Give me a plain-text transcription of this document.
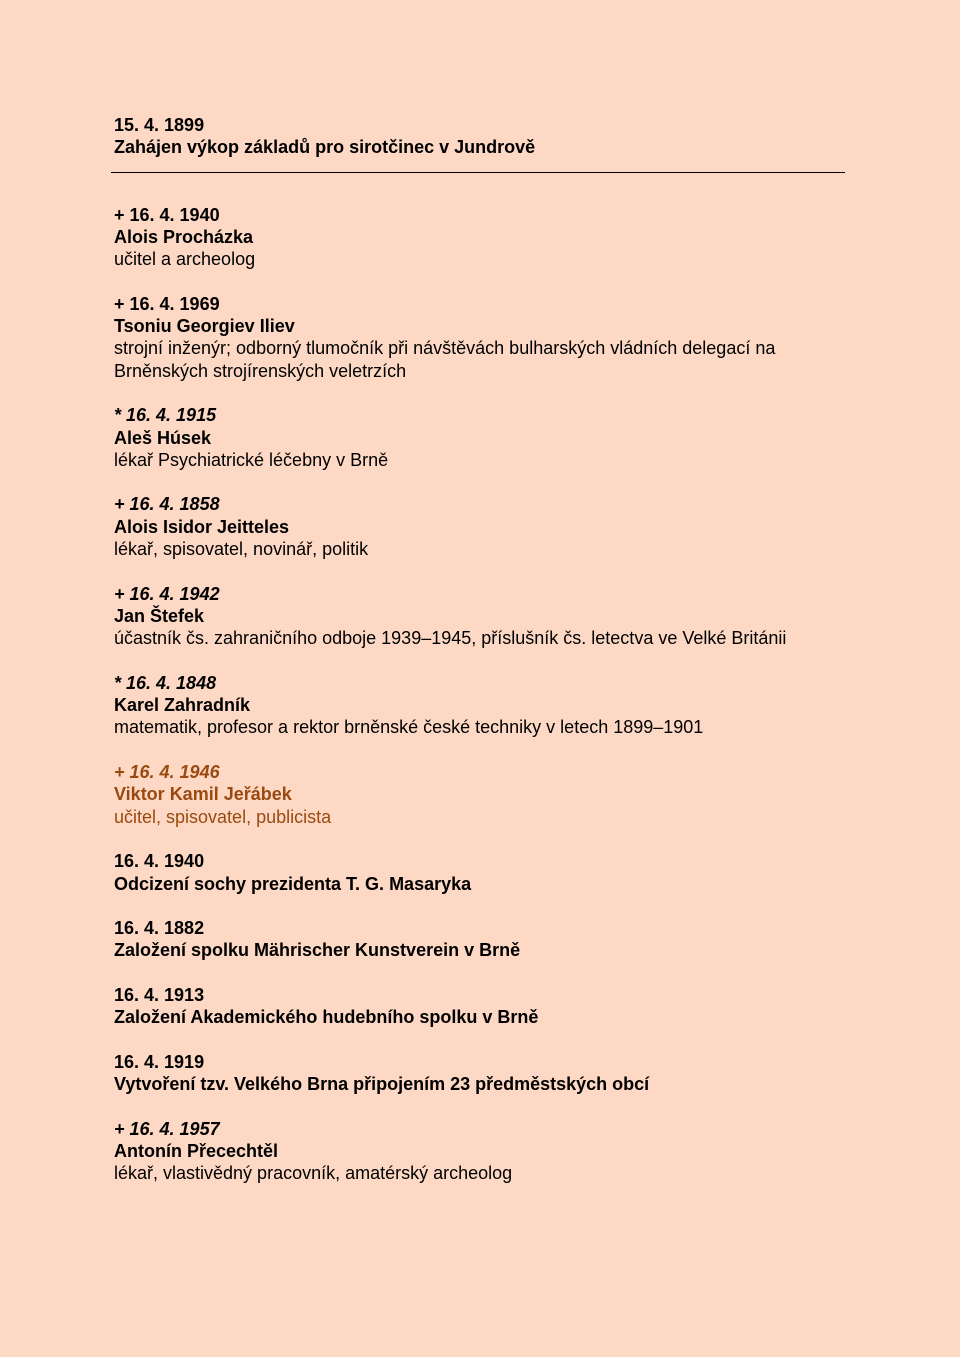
15. 4. 1899
Zahájen výkop základů pro sirotčinec v Jundrově
+ 16. 4. 1940
Alois Procházka
učitel a archeolog
+ 16. 4. 1969
Tsoniu Georgiev Iliev
strojní inženýr; odborný tlumočník při návštěvách bulharských vládních delegací na Brněnských strojírenských veletrzích
* 16. 4. 1915
Aleš Húsek
lékař Psychiatrické léčebny v Brně
+ 16. 4. 1858
Alois Isidor Jeitteles
lékař, spisovatel, novinář, politik
+ 16. 4. 1942
Jan Štefek
účastník čs. zahraničního odboje 1939–1945, příslušník čs. letectva ve Velké Británii
* 16. 4. 1848
Karel Zahradník
matematik, profesor a rektor brněnské české techniky v letech 1899–1901
+ 16. 4. 1946
Viktor Kamil Jeřábek
učitel, spisovatel, publicista
16. 4. 1940
Odcizení sochy prezidenta T. G. Masaryka
16. 4. 1882
Založení spolku Mährischer Kunstverein v Brně
16. 4. 1913
Založení Akademického hudebního spolku v Brně
16. 4. 1919
Vytvoření tzv. Velkého Brna připojením 23 předměstských obcí
+ 16. 4. 1957
Antonín Přecechtěl
lékař, vlastivědný pracovník, amatérský archeolog
